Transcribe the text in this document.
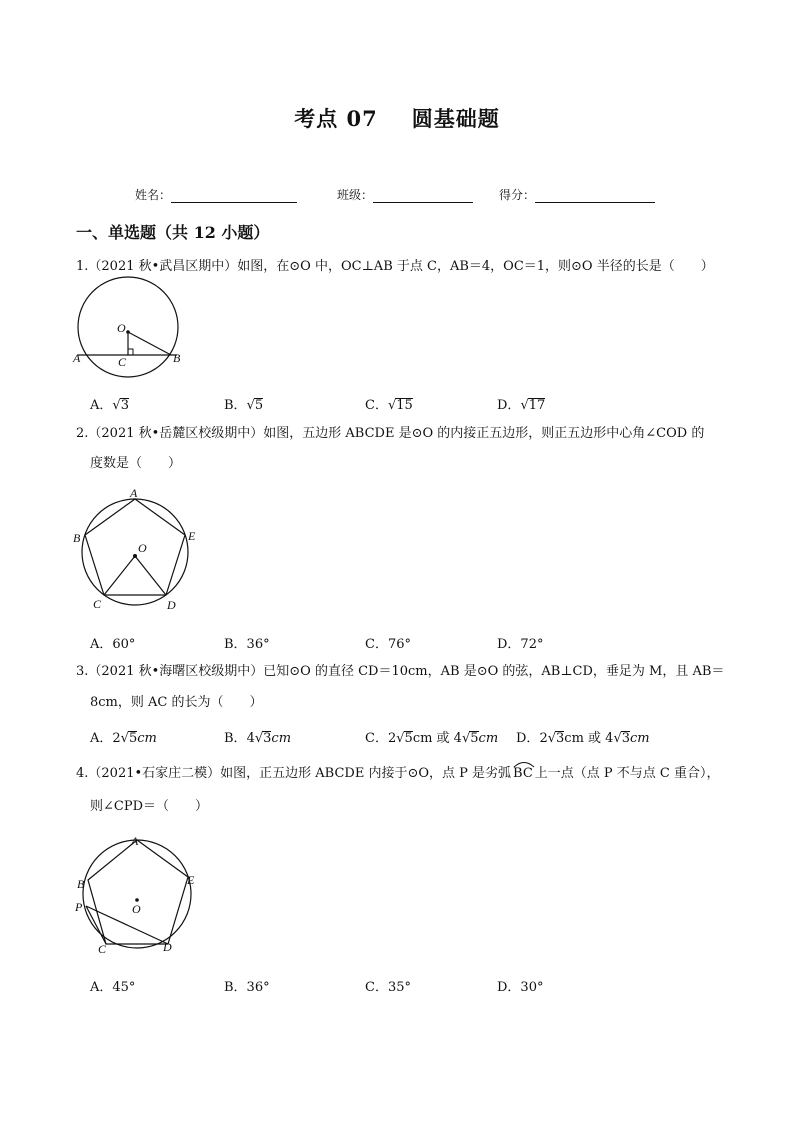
考点 07 圆基础题
姓名：	班级：	得分：
一、单选题（共 12 小题）
1.（2021 秋•武昌区期中）如图，在⊙O 中，OC⊥AB 于点 C，AB＝4，OC＝1，则⊙O 半径的长是（　　）
O
A	B
C
A．√3	B．√5	C．√15	D．√17
2.（2021 秋•岳麓区校级期中）如图，五边形 ABCDE 是⊙O 的内接正五边形，则正五边形中心角∠COD 的
度数是（　　）
A
B	E
O
C	D
A．60°	B．36°	C．76°	D．72°
3.（2021 秋•海曙区校级期中）已知⊙O 的直径 CD＝10cm，AB 是⊙O 的弦，AB⊥CD，垂足为 M，且 AB＝
8cm，则 AC 的长为（　　）
A．2√5cm	B．4√3cm	C．2√5cm 或 4√5cm D．2√3cm 或 4√3cm
4.（2021•石家庄二模）如图，正五边形 ABCDE 内接于⊙O，点 P 是劣弧 BC 上一点（点 P 不与点 C 重合），
则∠CPD＝（　　）
A
B	E
P	O
C	D
A．45°	B．36°	C．35°	D．30°
